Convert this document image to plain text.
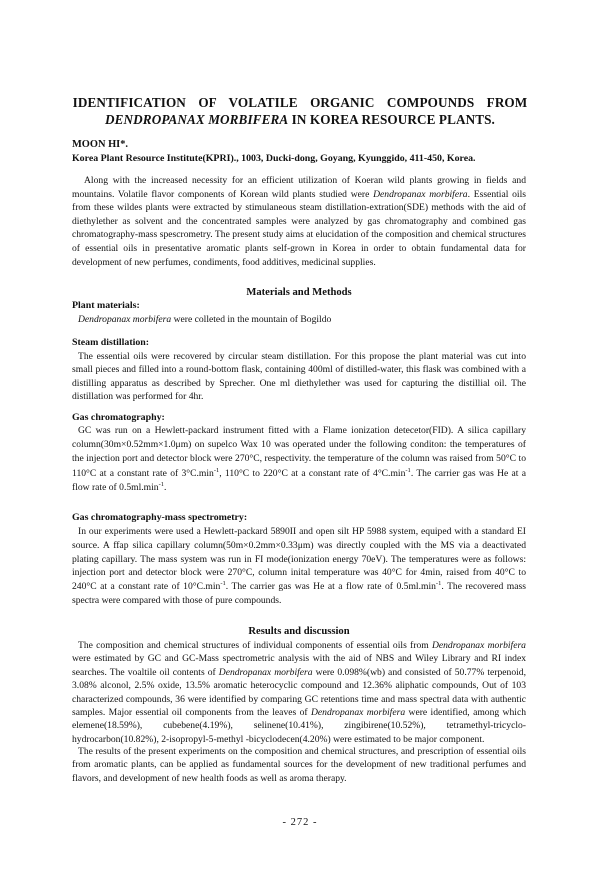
IDENTIFICATION OF VOLATILE ORGANIC COMPOUNDS FROM
DENDROPANAX MORBIFERA IN KOREA RESOURCE PLANTS.
MOON HI*.
Korea Plant Resource Institute(KPRI)., 1003, Ducki-dong, Goyang, Kyunggido, 411-450, Korea.

Along with the increased necessity for an efficient utilization of Koeran wild plants growing in fields and mountains. Volatile flavor components of Korean wild plants studied were Dendropanax morbifera. Essential oils from these wildes plants were extracted by stimulaneous steam distillation-extration(SDE) methods with the aid of diethylether as solvent and the concentrated samples were analyzed by gas chromatography and combined gas chromatography-mass spescrometry. The present study aims at elucidation of the composition and chemical structures of essential oils in presentative aromatic plants self-grown in Korea in order to obtain fundamental data for development of new perfumes, condiments, food additives, medicinal supplies.

Materials and Methods
Plant materials:

Dendropanax morbifera were colleted in the mountain of Bogildo

Steam distillation:

The essential oils were recovered by circular steam distillation. For this propose the plant material was cut into small pieces and filled into a round-bottom flask, containing 400ml of distilled-water, this flask was combined with a distilling apparatus as described by Sprecher. One ml diethylether was used for capturing the distillial oil. The distillation was performed for 4hr.

Gas chromatography:

GC was run on a Hewlett-packard instrument fitted with a Flame ionization detecetor(FID). A silica capillary column(30m×0.52mm×1.0μm) on supelco Wax 10 was operated under the following conditon: the temperatures of the injection port and detector block were 270°C, respectivity. the temperature of the column was raised from 50°C to 110°C at a constant rate of $3^\circ C.\min^{-1}$, 110°C to 220°C at a constant rate of $4^\circ C.\min^{-1}$. The carrier gas was He at a flow rate of $0.5ml.\min^{-1}$.

Gas chromatography-mass spectrometry:

In our experiments were used a Hewlett-packard 5890II and open silt HP 5988 system, equiped with a standard EI source. A ffap silica capillary column(50m×0.2mm×0.33μm) was directly coupled with the MS via a deactivated plating capillary. The mass system was run in FI mode(ionization energy 70eV). The temperatures were as follows: injection port and detector block were 270°C, column inital temperature was 40°C for 4min, raised from 40°C to 240°C at a constant rate of $10^\circ C.\min^{-1}$. The carrier gas was He at a flow rate of $0.5ml.\min^{-1}$. The recovered mass spectra were compared with those of pure compounds.

Results and discussion

The composition and chemical structures of individual components of essential oils from Dendropanax morbifera were estimated by GC and GC-Mass spectrometric analysis with the aid of NBS and Wiley Library and RI index searches. The voaltile oil contents of Dendropanax morbifera were 0.098%(wb) and consisted of 50.77% terpenoid, 3.08% alconol, 2.5% oxide, 13.5% aromatic heterocyclic compound and 12.36% aliphatic compounds, Out of 103 characterized compounds, 36 were identified by comparing GC retentions time and mass spectral data with authentic samples. Major essential oil components from the leaves of Dendropanax morbifera were identified, among which elemene(18.59%), cubebene(4.19%), selinene(10.41%), zingibirene(10.52%), tetramethyl-tricyclo-hydrocarbon(10.82%), 2-isopropyl-5-methyl -bicyclodecen(4.20%) were estimated to be major component.

The results of the present experiments on the composition and chemical structures, and prescription of essential oils from aromatic plants, can be applied as fundamental sources for the development of new traditional perfumes and flavors, and development of new health foods as well as aroma therapy.

- 272 -
